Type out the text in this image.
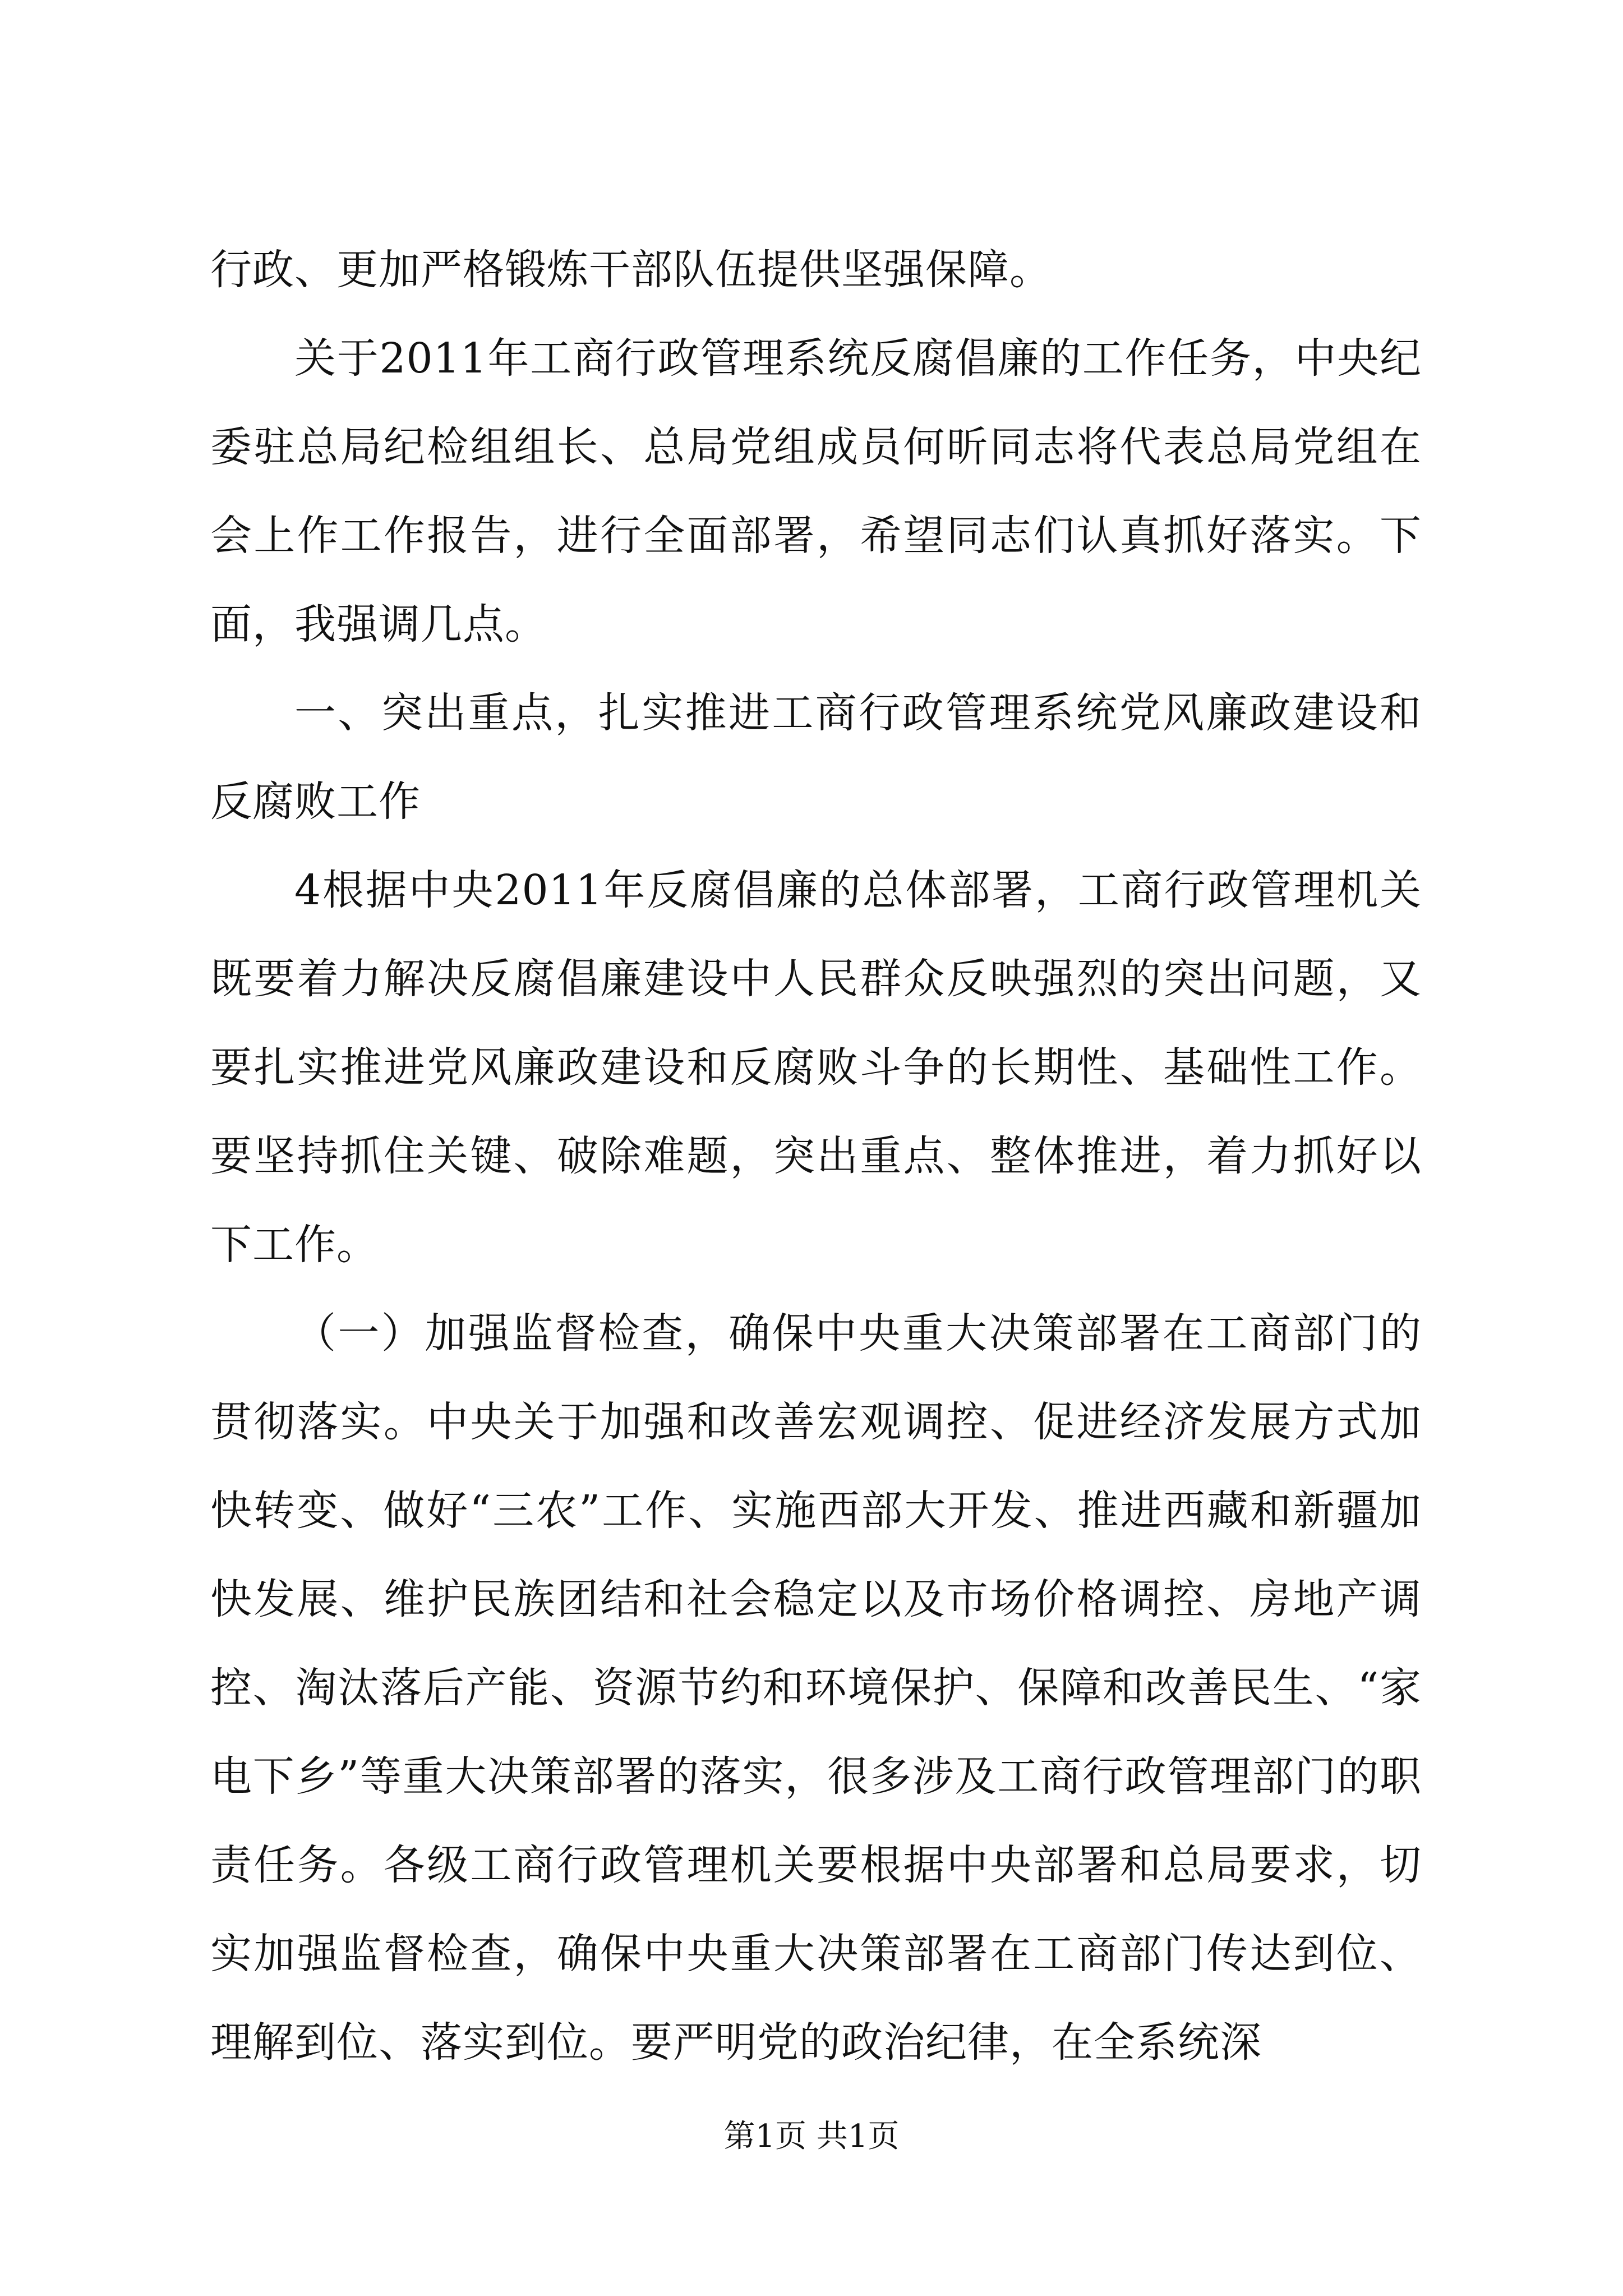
行政、更加严格锻炼干部队伍提供坚强保障。

关于2011年工商行政管理系统反腐倡廉的工作任务，中央纪委驻总局纪检组组长、总局党组成员何昕同志将代表总局党组在会上作工作报告，进行全面部署，希望同志们认真抓好落实。下面，我强调几点。

一、突出重点，扎实推进工商行政管理系统党风廉政建设和反腐败工作

4根据中央2011年反腐倡廉的总体部署，工商行政管理机关既要着力解决反腐倡廉建设中人民群众反映强烈的突出问题，又要扎实推进党风廉政建设和反腐败斗争的长期性、基础性工作。要坚持抓住关键、破除难题，突出重点、整体推进，着力抓好以下工作。

（一）加强监督检查，确保中央重大决策部署在工商部门的贯彻落实。中央关于加强和改善宏观调控、促进经济发展方式加快转变、做好“三农”工作、实施西部大开发、推进西藏和新疆加快发展、维护民族团结和社会稳定以及市场价格调控、房地产调控、淘汰落后产能、资源节约和环境保护、保障和改善民生、“家电下乡”等重大决策部署的落实，很多涉及工商行政管理部门的职责任务。各级工商行政管理机关要根据中央部署和总局要求，切实加强监督检查，确保中央重大决策部署在工商部门传达到位、理解到位、落实到位。要严明党的政治纪律，在全系统深

第1页 共1页
